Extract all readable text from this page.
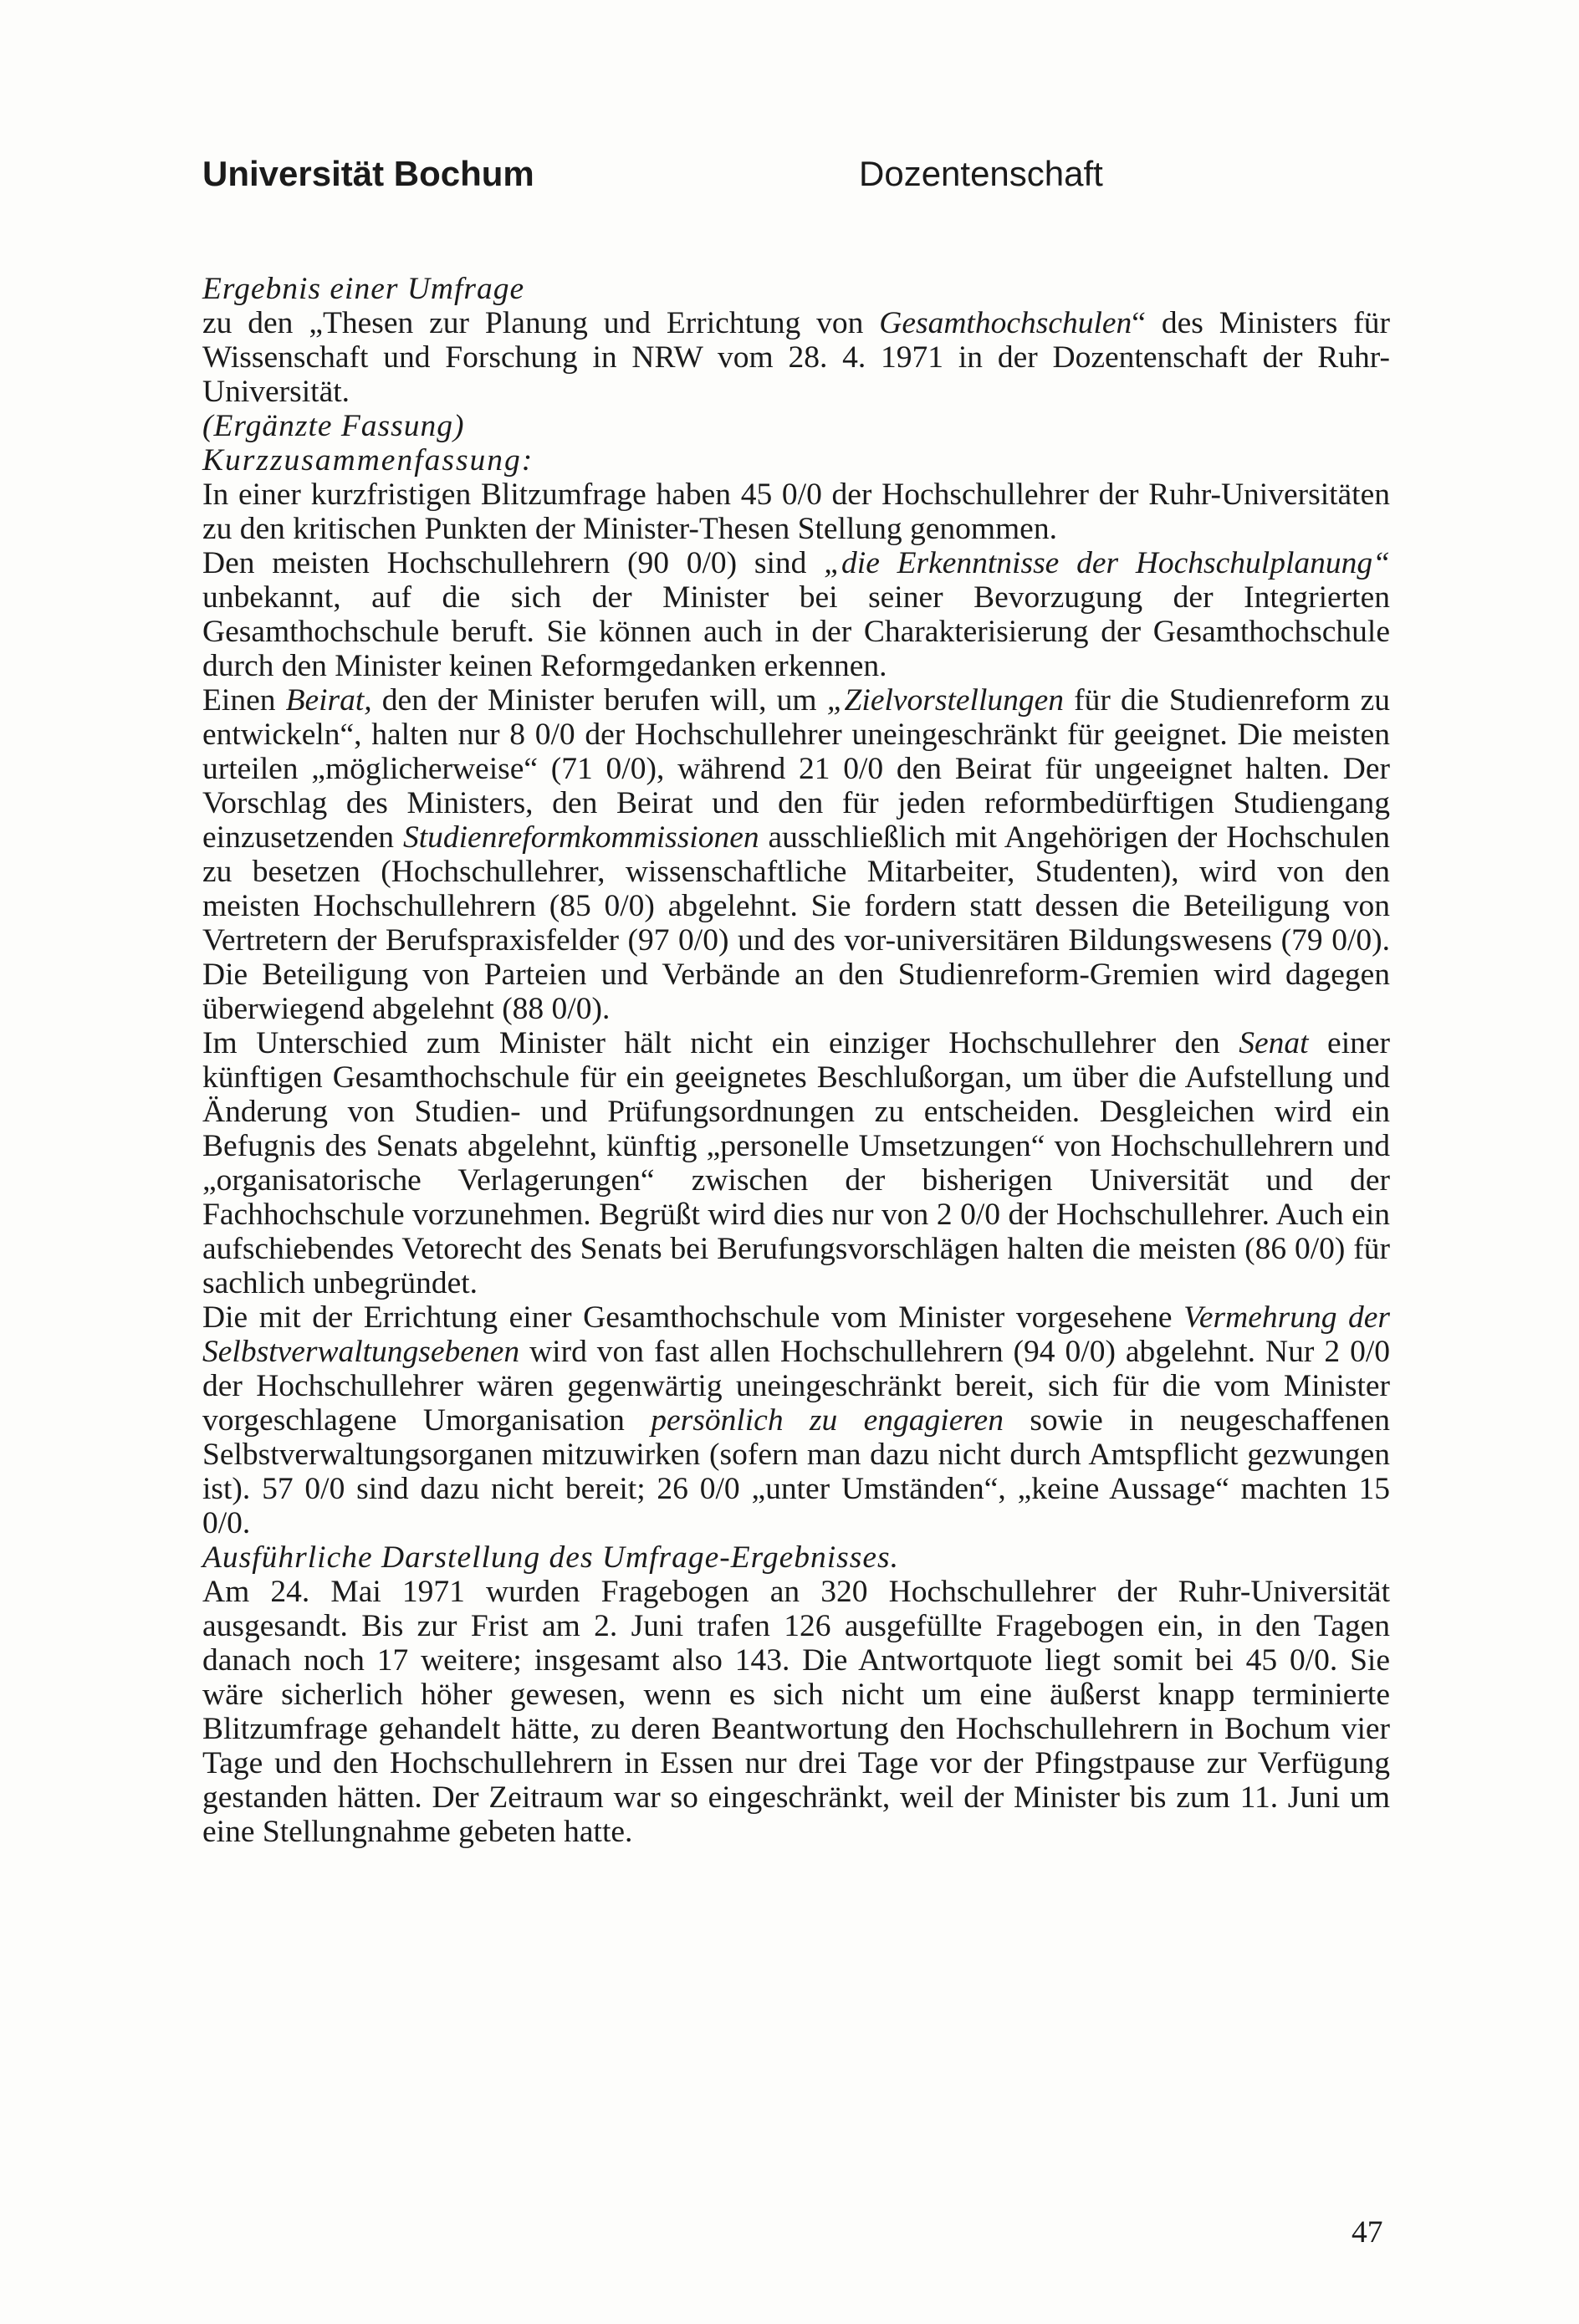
Universität Bochum	Dozentenschaft

Ergebnis einer Umfrage

zu den „Thesen zur Planung und Errichtung von Gesamthochschulen“ des Ministers für Wissenschaft und Forschung in NRW vom 28. 4. 1971 in der Dozentenschaft der Ruhr-Universität.

(Ergänzte Fassung)

Kurzzusammenfassung:

In einer kurzfristigen Blitzumfrage haben 45 0/0 der Hochschullehrer der Ruhr-Universitäten zu den kritischen Punkten der Minister-Thesen Stellung genommen.

Den meisten Hochschullehrern (90 0/0) sind „die Erkenntnisse der Hochschulplanung“ unbekannt, auf die sich der Minister bei seiner Bevorzugung der Integrierten Gesamthochschule beruft. Sie können auch in der Charakterisierung der Gesamthochschule durch den Minister keinen Reformgedanken erkennen.

Einen Beirat, den der Minister berufen will, um „Zielvorstellungen für die Studienreform zu entwickeln“, halten nur 8 0/0 der Hochschullehrer uneingeschränkt für geeignet. Die meisten urteilen „möglicherweise“ (71 0/0), während 21 0/0 den Beirat für ungeeignet halten. Der Vorschlag des Ministers, den Beirat und den für jeden reformbedürftigen Studiengang einzusetzenden Studienreformkommissionen ausschließlich mit Angehörigen der Hochschulen zu besetzen (Hochschullehrer, wissenschaftliche Mitarbeiter, Studenten), wird von den meisten Hochschullehrern (85 0/0) abgelehnt. Sie fordern statt dessen die Beteiligung von Vertretern der Berufspraxisfelder (97 0/0) und des vor-universitären Bildungswesens (79 0/0). Die Beteiligung von Parteien und Verbände an den Studienreform-Gremien wird dagegen überwiegend abgelehnt (88 0/0).

Im Unterschied zum Minister hält nicht ein einziger Hochschullehrer den Senat einer künftigen Gesamthochschule für ein geeignetes Beschlußorgan, um über die Aufstellung und Änderung von Studien- und Prüfungsordnungen zu entscheiden. Desgleichen wird ein Befugnis des Senats abgelehnt, künftig „personelle Umsetzungen“ von Hochschullehrern und „organisatorische Verlagerungen“ zwischen der bisherigen Universität und der Fachhochschule vorzunehmen. Begrüßt wird dies nur von 2 0/0 der Hochschullehrer. Auch ein aufschiebendes Vetorecht des Senats bei Berufungsvorschlägen halten die meisten (86 0/0) für sachlich unbegründet.

Die mit der Errichtung einer Gesamthochschule vom Minister vorgesehene Vermehrung der Selbstverwaltungsebenen wird von fast allen Hochschullehrern (94 0/0) abgelehnt. Nur 2 0/0 der Hochschullehrer wären gegenwärtig uneingeschränkt bereit, sich für die vom Minister vorgeschlagene Umorganisation persönlich zu engagieren sowie in neugeschaffenen Selbstverwaltungsorganen mitzuwirken (sofern man dazu nicht durch Amtspflicht gezwungen ist). 57 0/0 sind dazu nicht bereit; 26 0/0 „unter Umständen“, „keine Aussage“ machten 15 0/0.

Ausführliche Darstellung des Umfrage-Ergebnisses.

Am 24. Mai 1971 wurden Fragebogen an 320 Hochschullehrer der Ruhr-Universität ausgesandt. Bis zur Frist am 2. Juni trafen 126 ausgefüllte Fragebogen ein, in den Tagen danach noch 17 weitere; insgesamt also 143. Die Antwortquote liegt somit bei 45 0/0. Sie wäre sicherlich höher gewesen, wenn es sich nicht um eine äußerst knapp terminierte Blitzumfrage gehandelt hätte, zu deren Beantwortung den Hochschullehrern in Bochum vier Tage und den Hochschullehrern in Essen nur drei Tage vor der Pfingstpause zur Verfügung gestanden hätten. Der Zeitraum war so eingeschränkt, weil der Minister bis zum 11. Juni um eine Stellungnahme gebeten hatte.

47
